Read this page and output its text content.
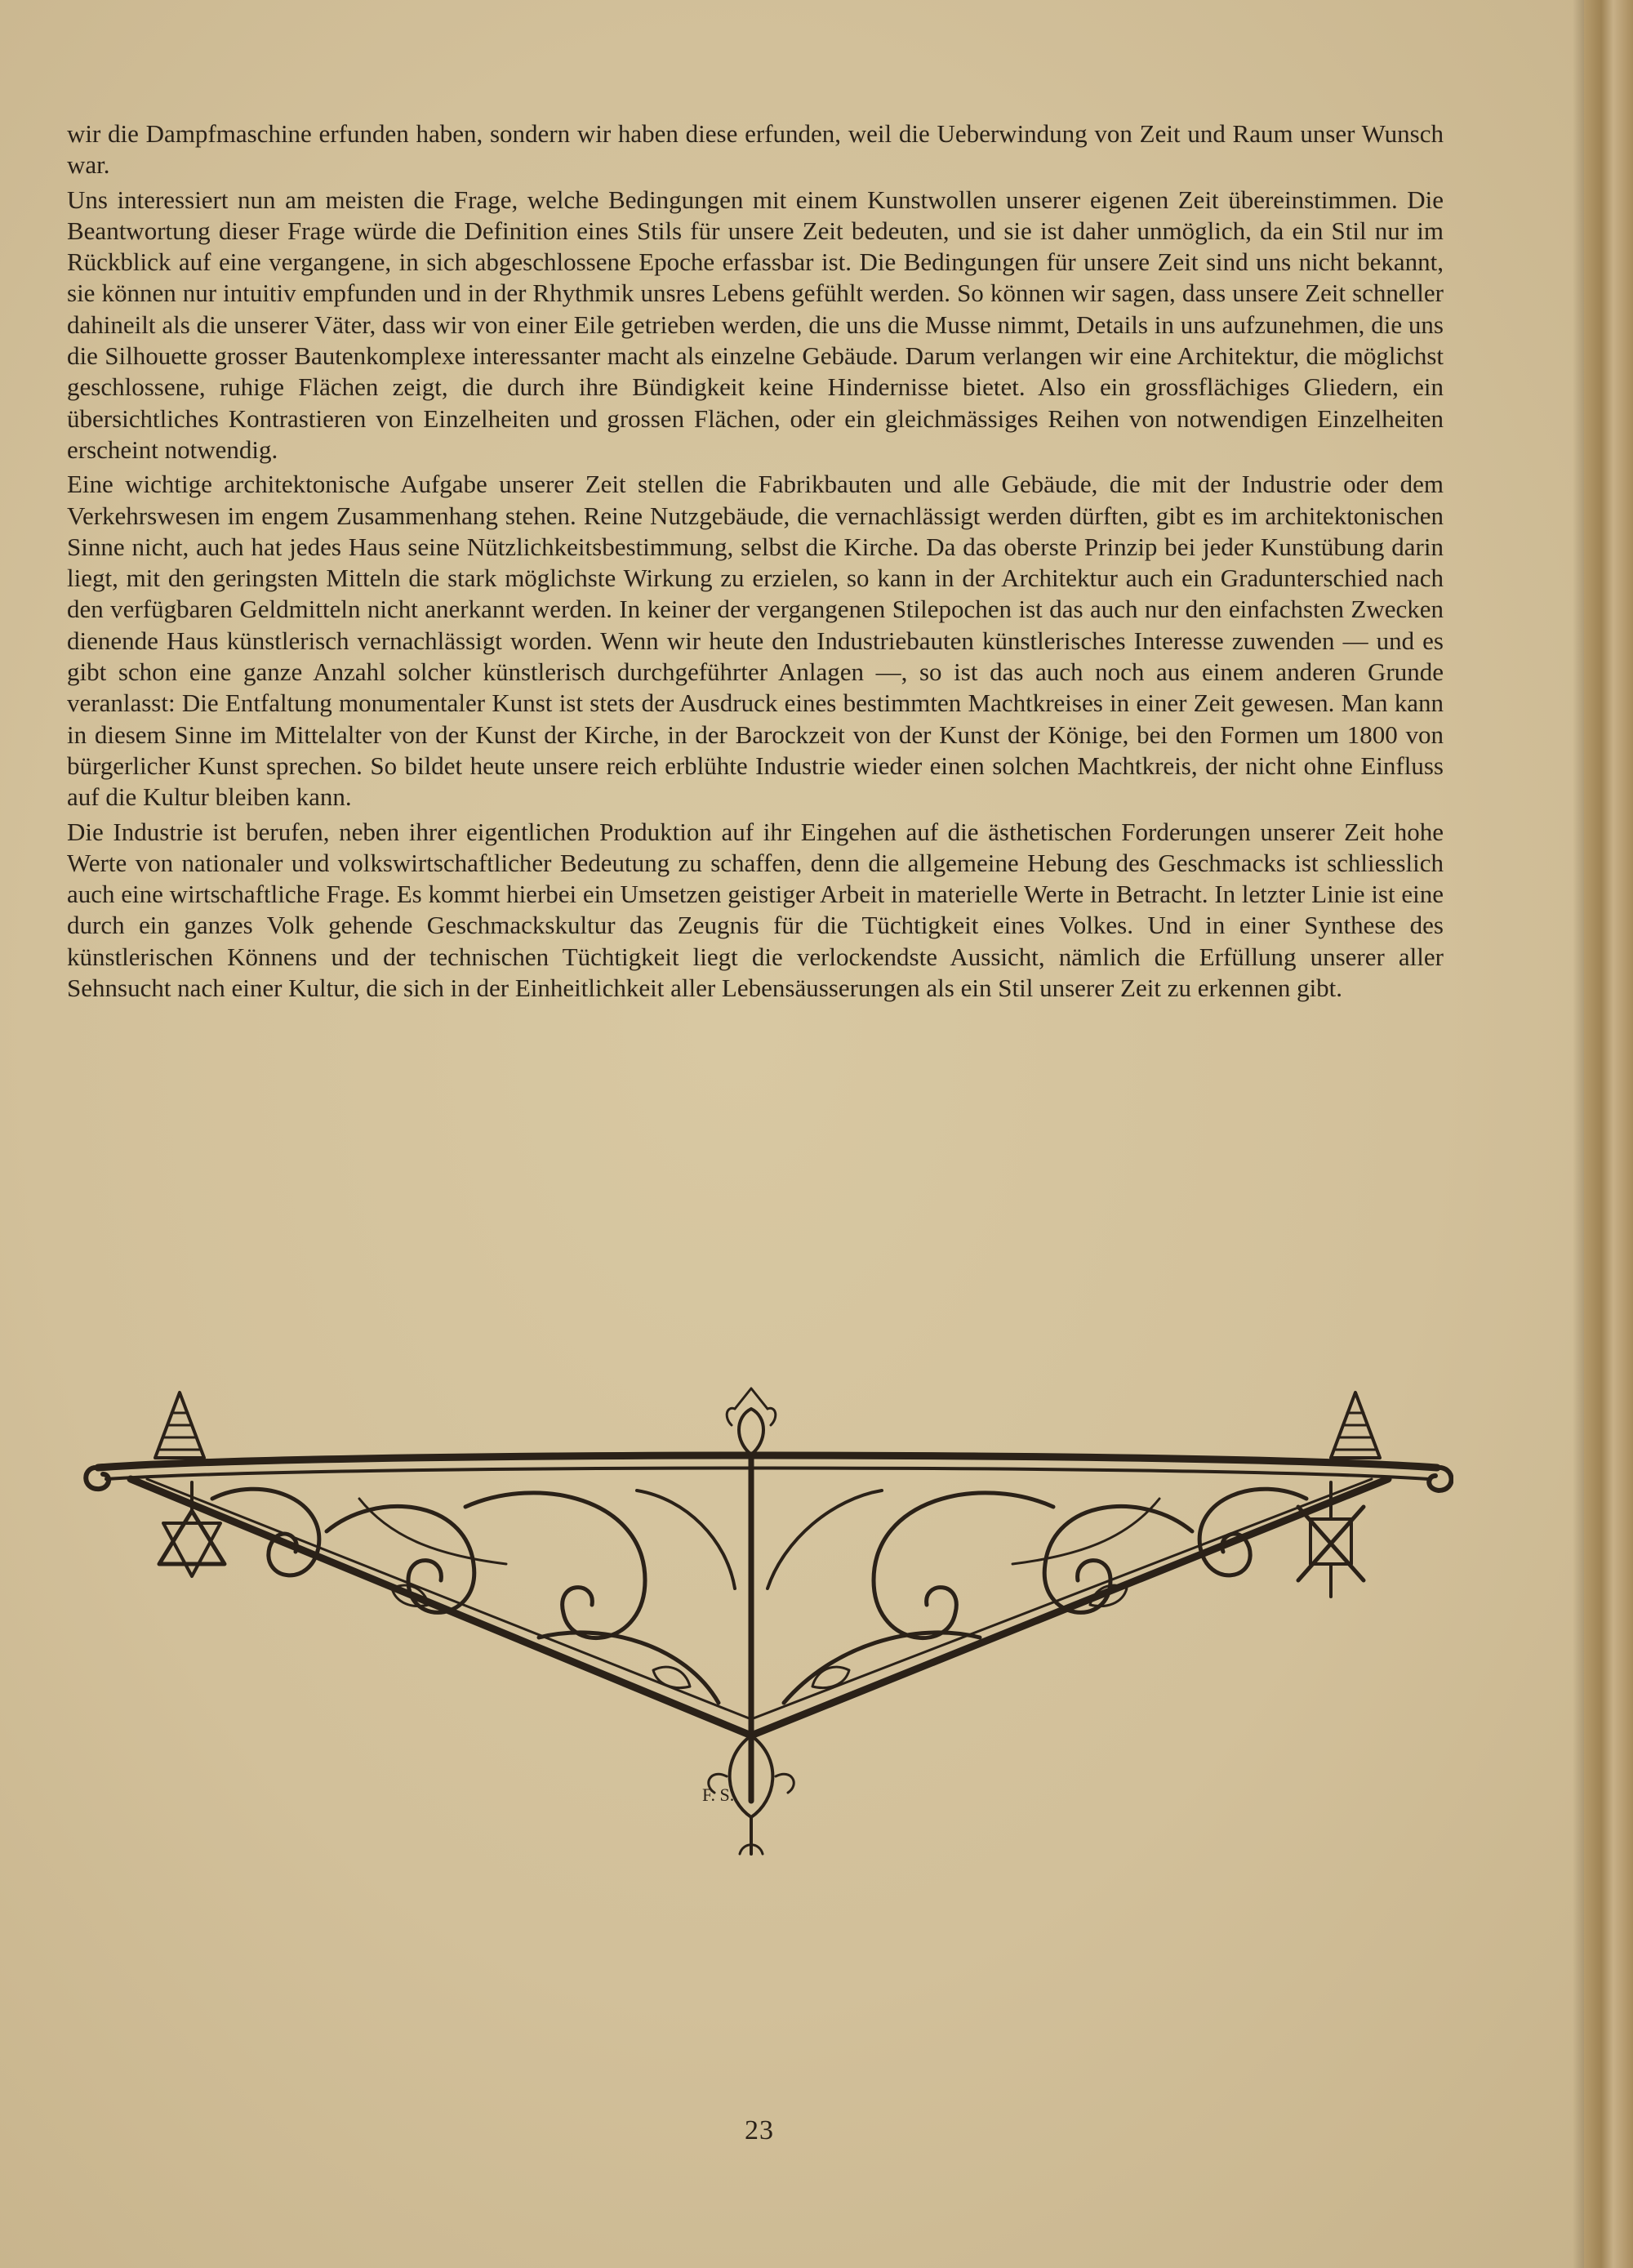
wir die Dampfmaschine erfunden haben, sondern wir haben diese erfunden, weil die Ueberwindung von Zeit und Raum unser Wunsch war.

Uns interessiert nun am meisten die Frage, welche Bedingungen mit einem Kunstwollen unserer eigenen Zeit übereinstimmen. Die Beantwortung dieser Frage würde die Definition eines Stils für unsere Zeit bedeuten, und sie ist daher unmöglich, da ein Stil nur im Rückblick auf eine vergangene, in sich abgeschlossene Epoche erfassbar ist. Die Bedingungen für unsere Zeit sind uns nicht bekannt, sie können nur intuitiv empfunden und in der Rhythmik unsres Lebens gefühlt werden. So können wir sagen, dass unsere Zeit schneller dahineilt als die unserer Väter, dass wir von einer Eile getrieben werden, die uns die Musse nimmt, Details in uns aufzunehmen, die uns die Silhouette grosser Bautenkomplexe interessanter macht als einzelne Gebäude. Darum verlangen wir eine Architektur, die möglichst geschlossene, ruhige Flächen zeigt, die durch ihre Bündigkeit keine Hindernisse bietet. Also ein grossflächiges Gliedern, ein übersichtliches Kontrastieren von Einzelheiten und grossen Flächen, oder ein gleichmässiges Reihen von notwendigen Einzelheiten erscheint notwendig.

Eine wichtige architektonische Aufgabe unserer Zeit stellen die Fabrikbauten und alle Gebäude, die mit der Industrie oder dem Verkehrswesen im engem Zusammenhang stehen. Reine Nutzgebäude, die vernachlässigt werden dürften, gibt es im architektonischen Sinne nicht, auch hat jedes Haus seine Nützlichkeitsbestimmung, selbst die Kirche. Da das oberste Prinzip bei jeder Kunstübung darin liegt, mit den geringsten Mitteln die stark möglichste Wirkung zu erzielen, so kann in der Architektur auch ein Gradunterschied nach den verfügbaren Geldmitteln nicht anerkannt werden. In keiner der vergangenen Stilepochen ist das auch nur den einfachsten Zwecken dienende Haus künstlerisch vernachlässigt worden. Wenn wir heute den Industriebauten künstlerisches Interesse zuwenden — und es gibt schon eine ganze Anzahl solcher künstlerisch durchgeführter Anlagen —, so ist das auch noch aus einem anderen Grunde veranlasst: Die Entfaltung monumentaler Kunst ist stets der Ausdruck eines bestimmten Machtkreises in einer Zeit gewesen. Man kann in diesem Sinne im Mittelalter von der Kunst der Kirche, in der Barockzeit von der Kunst der Könige, bei den Formen um 1800 von bürgerlicher Kunst sprechen. So bildet heute unsere reich erblühte Industrie wieder einen solchen Machtkreis, der nicht ohne Einfluss auf die Kultur bleiben kann.

Die Industrie ist berufen, neben ihrer eigentlichen Produktion auf ihr Eingehen auf die ästhetischen Forderungen unserer Zeit hohe Werte von nationaler und volkswirtschaftlicher Bedeutung zu schaffen, denn die allgemeine Hebung des Geschmacks ist schliesslich auch eine wirtschaftliche Frage. Es kommt hierbei ein Umsetzen geistiger Arbeit in materielle Werte in Betracht. In letzter Linie ist eine durch ein ganzes Volk gehende Geschmackskultur das Zeugnis für die Tüchtigkeit eines Volkes. Und in einer Synthese des künstlerischen Könnens und der technischen Tüchtigkeit liegt die verlockendste Aussicht, nämlich die Erfüllung unserer aller Sehnsucht nach einer Kultur, die sich in der Einheitlichkeit aller Lebensäusserungen als ein Stil unserer Zeit zu erkennen gibt.

F. S.
23
